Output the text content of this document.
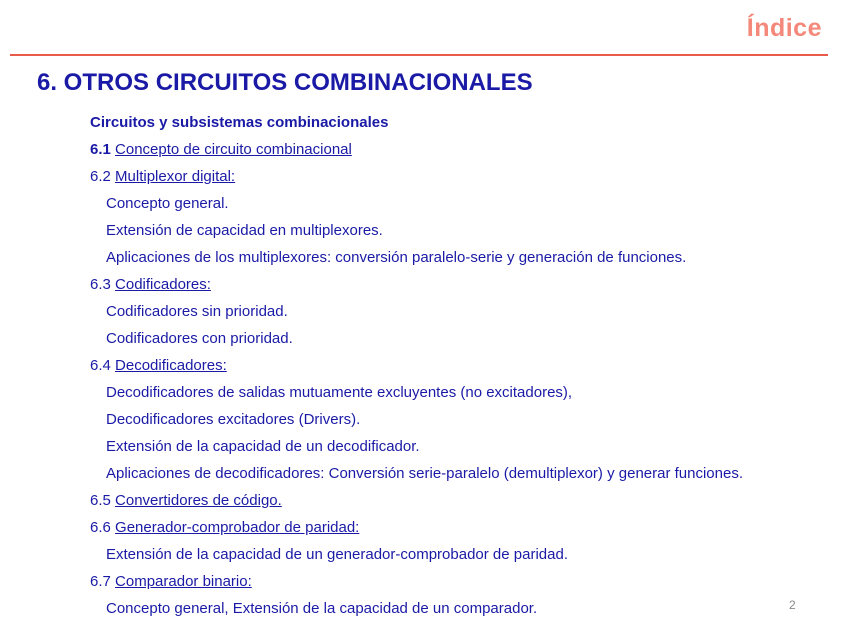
Índice
6. OTROS CIRCUITOS COMBINACIONALES
Circuitos y subsistemas combinacionales
6.1 Concepto de circuito combinacional
6.2 Multiplexor digital:
Concepto general.
Extensión de capacidad en multiplexores.
Aplicaciones de los multiplexores: conversión paralelo-serie y generación de funciones.
6.3 Codificadores:
Codificadores sin prioridad.
Codificadores con prioridad.
6.4 Decodificadores:
Decodificadores de salidas mutuamente excluyentes (no excitadores),
Decodificadores excitadores (Drivers).
Extensión de la capacidad de un decodificador.
Aplicaciones de decodificadores: Conversión serie-paralelo (demultiplexor) y generar funciones.
6.5 Convertidores de código.
6.6 Generador-comprobador de paridad:
Extensión de la capacidad de un generador-comprobador de paridad.
6.7 Comparador binario:
Concepto general, Extensión de la capacidad de un comparador.	2
